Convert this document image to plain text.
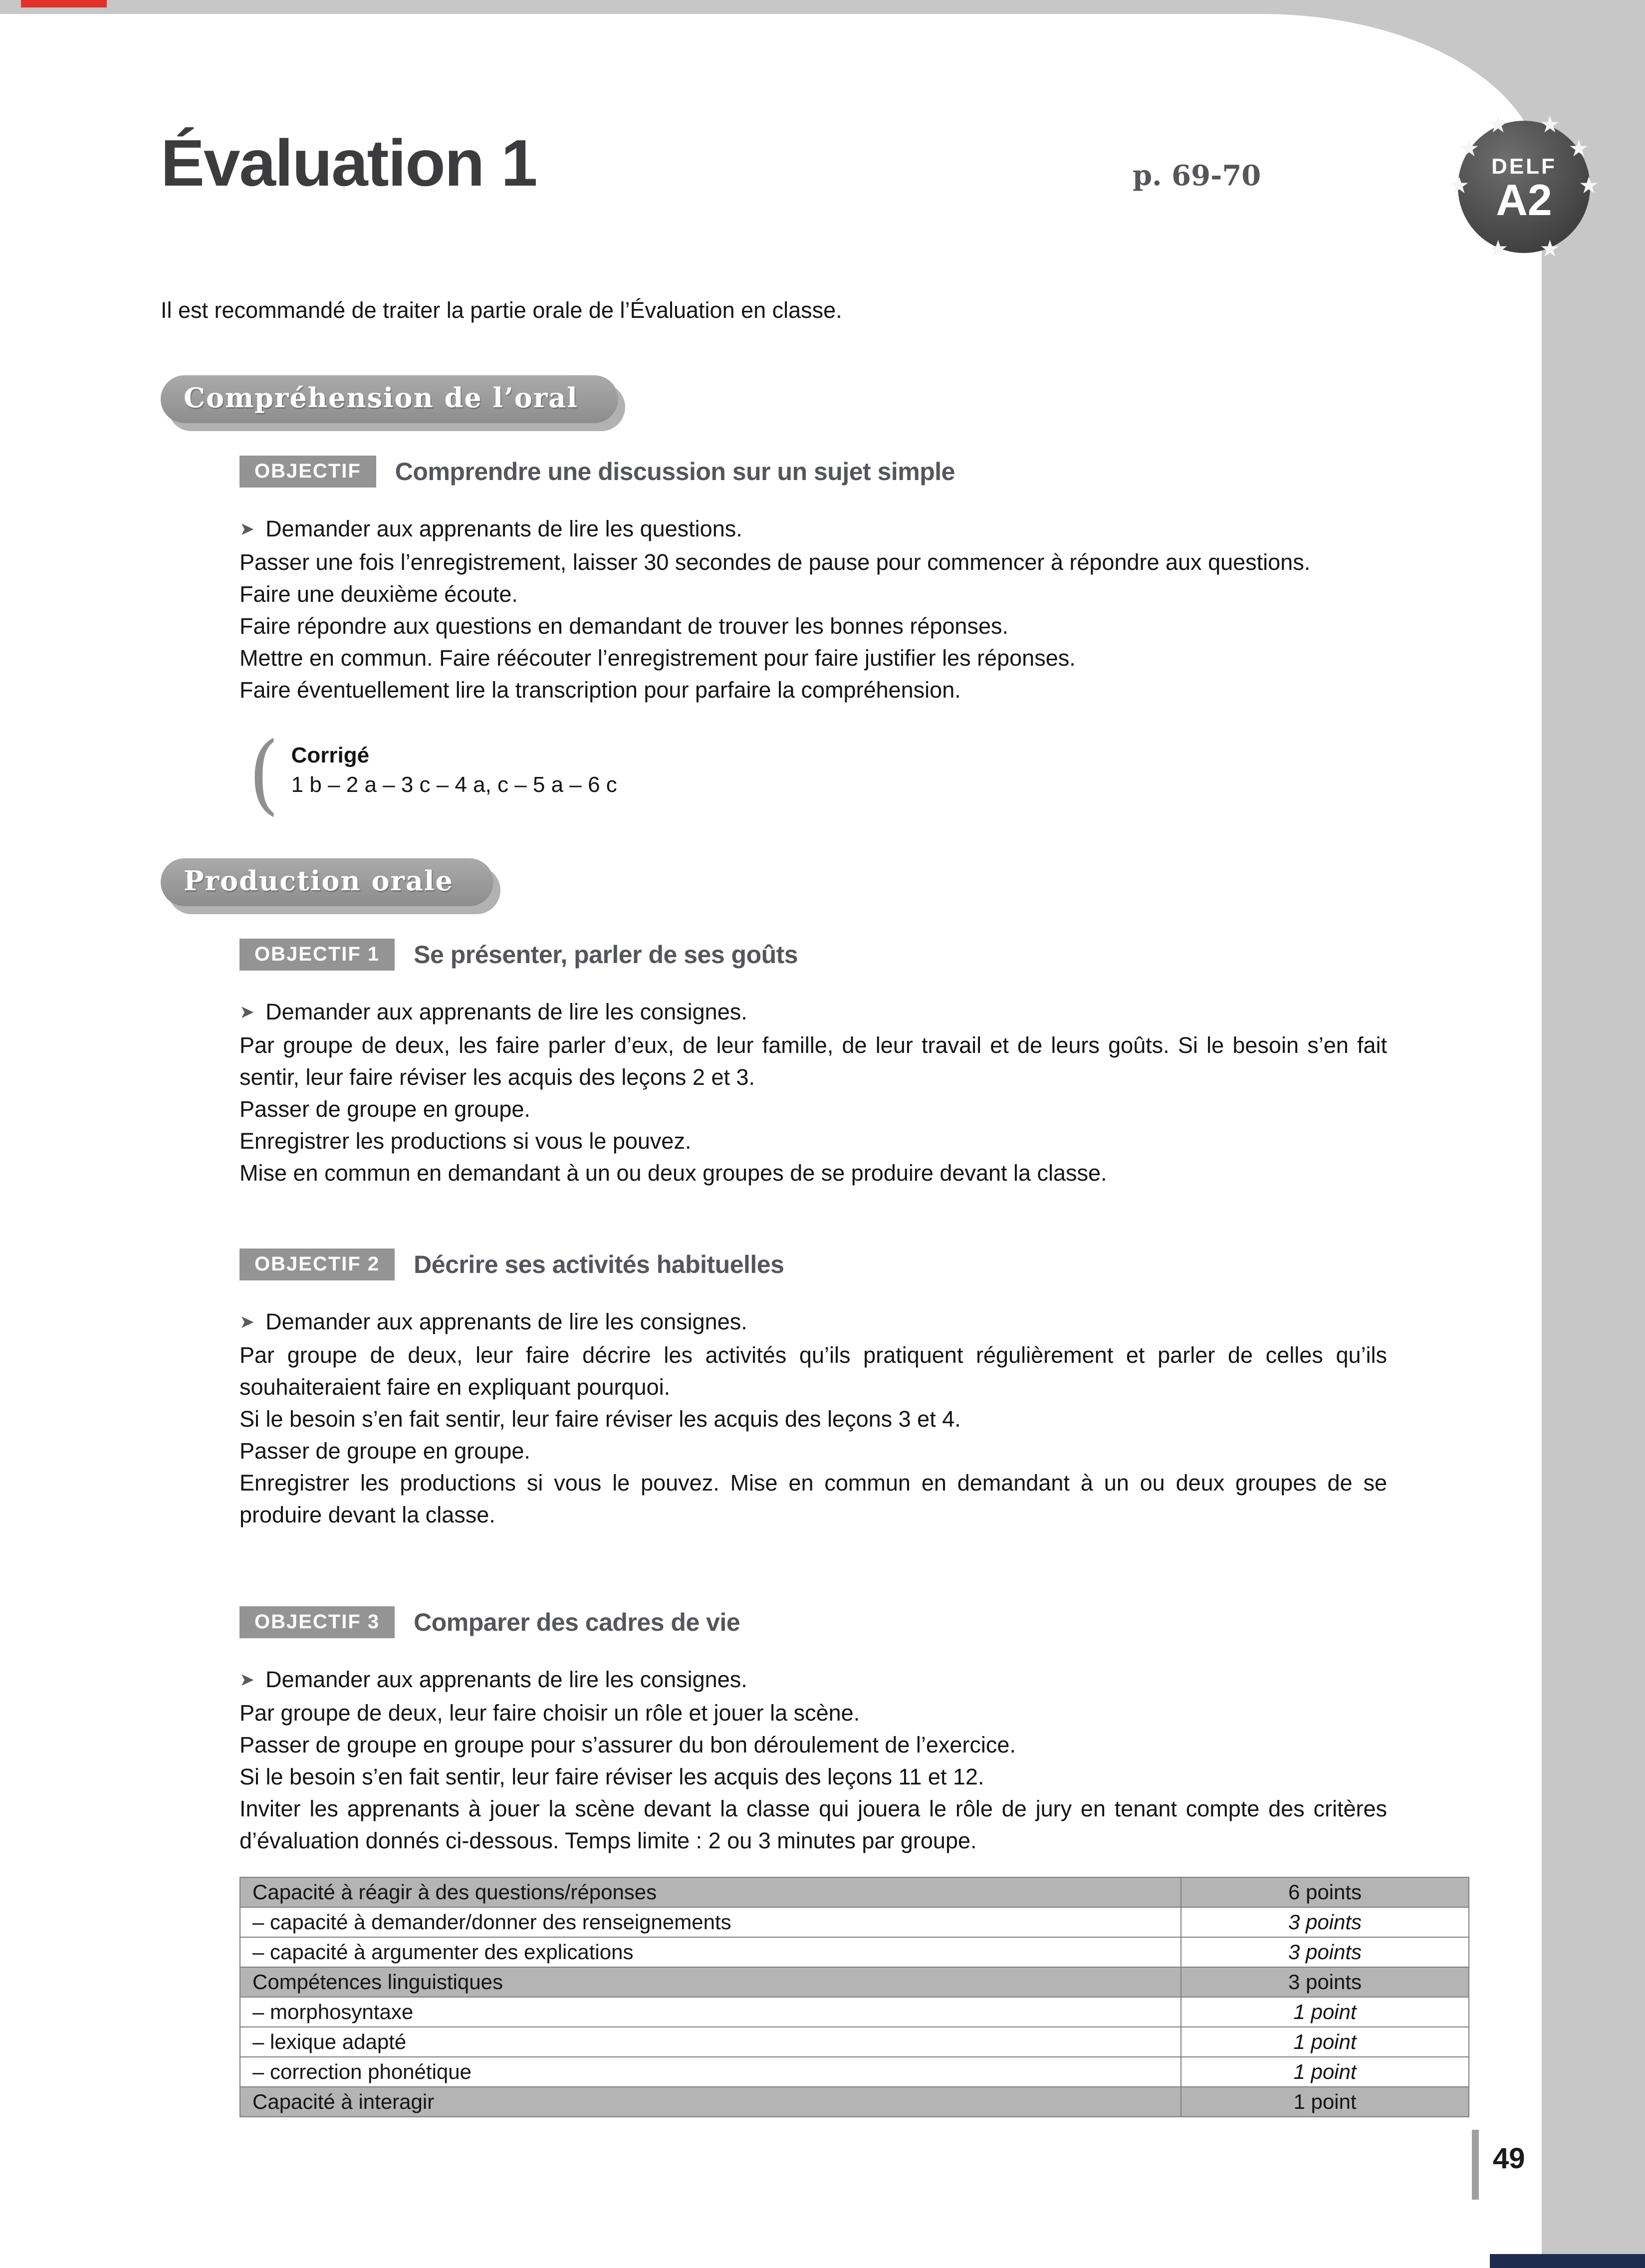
Évaluation 1	p. 69-70

Il est recommandé de traiter la partie orale de l’Évaluation en classe.

Compréhension de l’oral
OBJECTIF	Comprendre une discussion sur un sujet simple

➤ Demander aux apprenants de lire les questions.

Passer une fois l’enregistrement, laisser 30 secondes de pause pour commencer à répondre aux questions.

Faire une deuxième écoute.

Faire répondre aux questions en demandant de trouver les bonnes réponses.

Mettre en commun. Faire réécouter l’enregistrement pour faire justifier les réponses.

Faire éventuellement lire la transcription pour parfaire la compréhension.

( Corrigé
1 b – 2 a – 3 c – 4 a, c – 5 a – 6 c
Production orale
OBJECTIF 1	Se présenter, parler de ses goûts

➤ Demander aux apprenants de lire les consignes.

Par groupe de deux, les faire parler d’eux, de leur famille, de leur travail et de leurs goûts. Si le besoin s’en fait sentir, leur faire réviser les acquis des leçons 2 et 3.

Passer de groupe en groupe.

Enregistrer les productions si vous le pouvez.

Mise en commun en demandant à un ou deux groupes de se produire devant la classe.

OBJECTIF 2	Décrire ses activités habituelles

➤ Demander aux apprenants de lire les consignes.

Par groupe de deux, leur faire décrire les activités qu’ils pratiquent régulièrement et parler de celles qu’ils souhaiteraient faire en expliquant pourquoi.

Si le besoin s’en fait sentir, leur faire réviser les acquis des leçons 3 et 4.

Passer de groupe en groupe.

Enregistrer les productions si vous le pouvez. Mise en commun en demandant à un ou deux groupes de se produire devant la classe.

OBJECTIF 3	Comparer des cadres de vie

➤ Demander aux apprenants de lire les consignes.

Par groupe de deux, leur faire choisir un rôle et jouer la scène.

Passer de groupe en groupe pour s’assurer du bon déroulement de l’exercice.

Si le besoin s’en fait sentir, leur faire réviser les acquis des leçons 11 et 12.

Inviter les apprenants à jouer la scène devant la classe qui jouera le rôle de jury en tenant compte des critères d’évaluation donnés ci-dessous. Temps limite : 2 ou 3 minutes par groupe.

Capacité à réagir à des questions/réponses	6 points
– capacité à demander/donner des renseignements	3 points
– capacité à argumenter des explications	3 points
Compétences linguistiques	3 points
– morphosyntaxe	1 point
– lexique adapté	1 point
– correction phonétique	1 point
Capacité à interagir	1 point
★ ★
★	★
★	★
★ ★
DELF
A2
49
